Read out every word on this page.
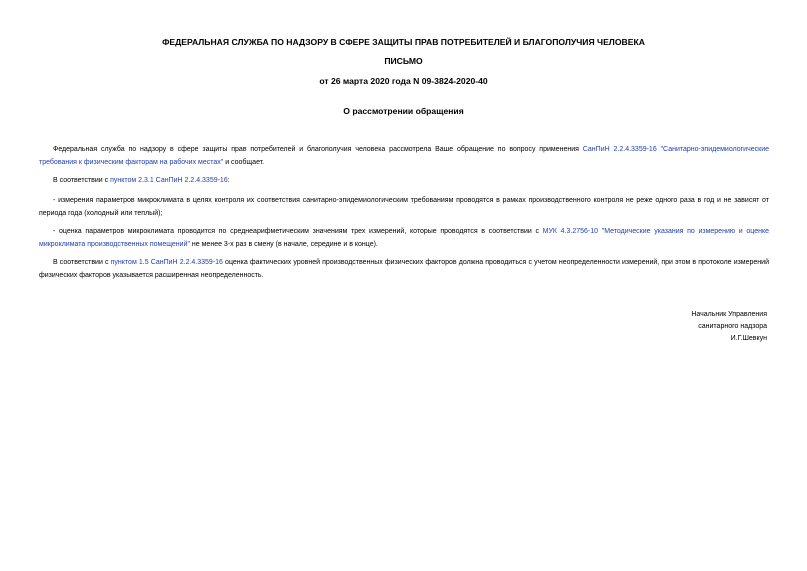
ФЕДЕРАЛЬНАЯ СЛУЖБА ПО НАДЗОРУ В СФЕРЕ ЗАЩИТЫ ПРАВ ПОТРЕБИТЕЛЕЙ И БЛАГОПОЛУЧИЯ ЧЕЛОВЕКА
ПИСЬМО
от 26 марта 2020 года N 09-3824-2020-40
О рассмотрении обращения
Федеральная служба по надзору в сфере защиты прав потребителей и благополучия человека рассмотрела Ваше обращение по вопросу применения СанПиН 2.2.4.3359-16 "Санитарно-эпидемиологические требования к физическим факторам на рабочих местах" и сообщает.
В соответствии с пунктом 2.3.1 СанПиН 2.2.4.3359-16:
- измерения параметров микроклимата в целях контроля их соответствия санитарно-эпидемиологическим требованиям проводятся в рамках производственного контроля не реже одного раза в год и не зависят от периода года (холодный или теплый);
- оценка параметров микроклимата проводится по среднеарифметическим значениям трех измерений, которые проводятся в соответствии с МУК 4.3.2756-10 "Методические указания по измерению и оценке микроклимата производственных помещений" не менее 3-х раз в смену (в начале, середине и в конце).
В соответствии с пунктом 1.5 СанПиН 2.2.4.3359-16 оценка фактических уровней производственных физических факторов должна проводиться с учетом неопределенности измерений, при этом в протоколе измерений физических факторов указывается расширенная неопределенность.
Начальник Управления
санитарного надзора
И.Г.Шевкун
